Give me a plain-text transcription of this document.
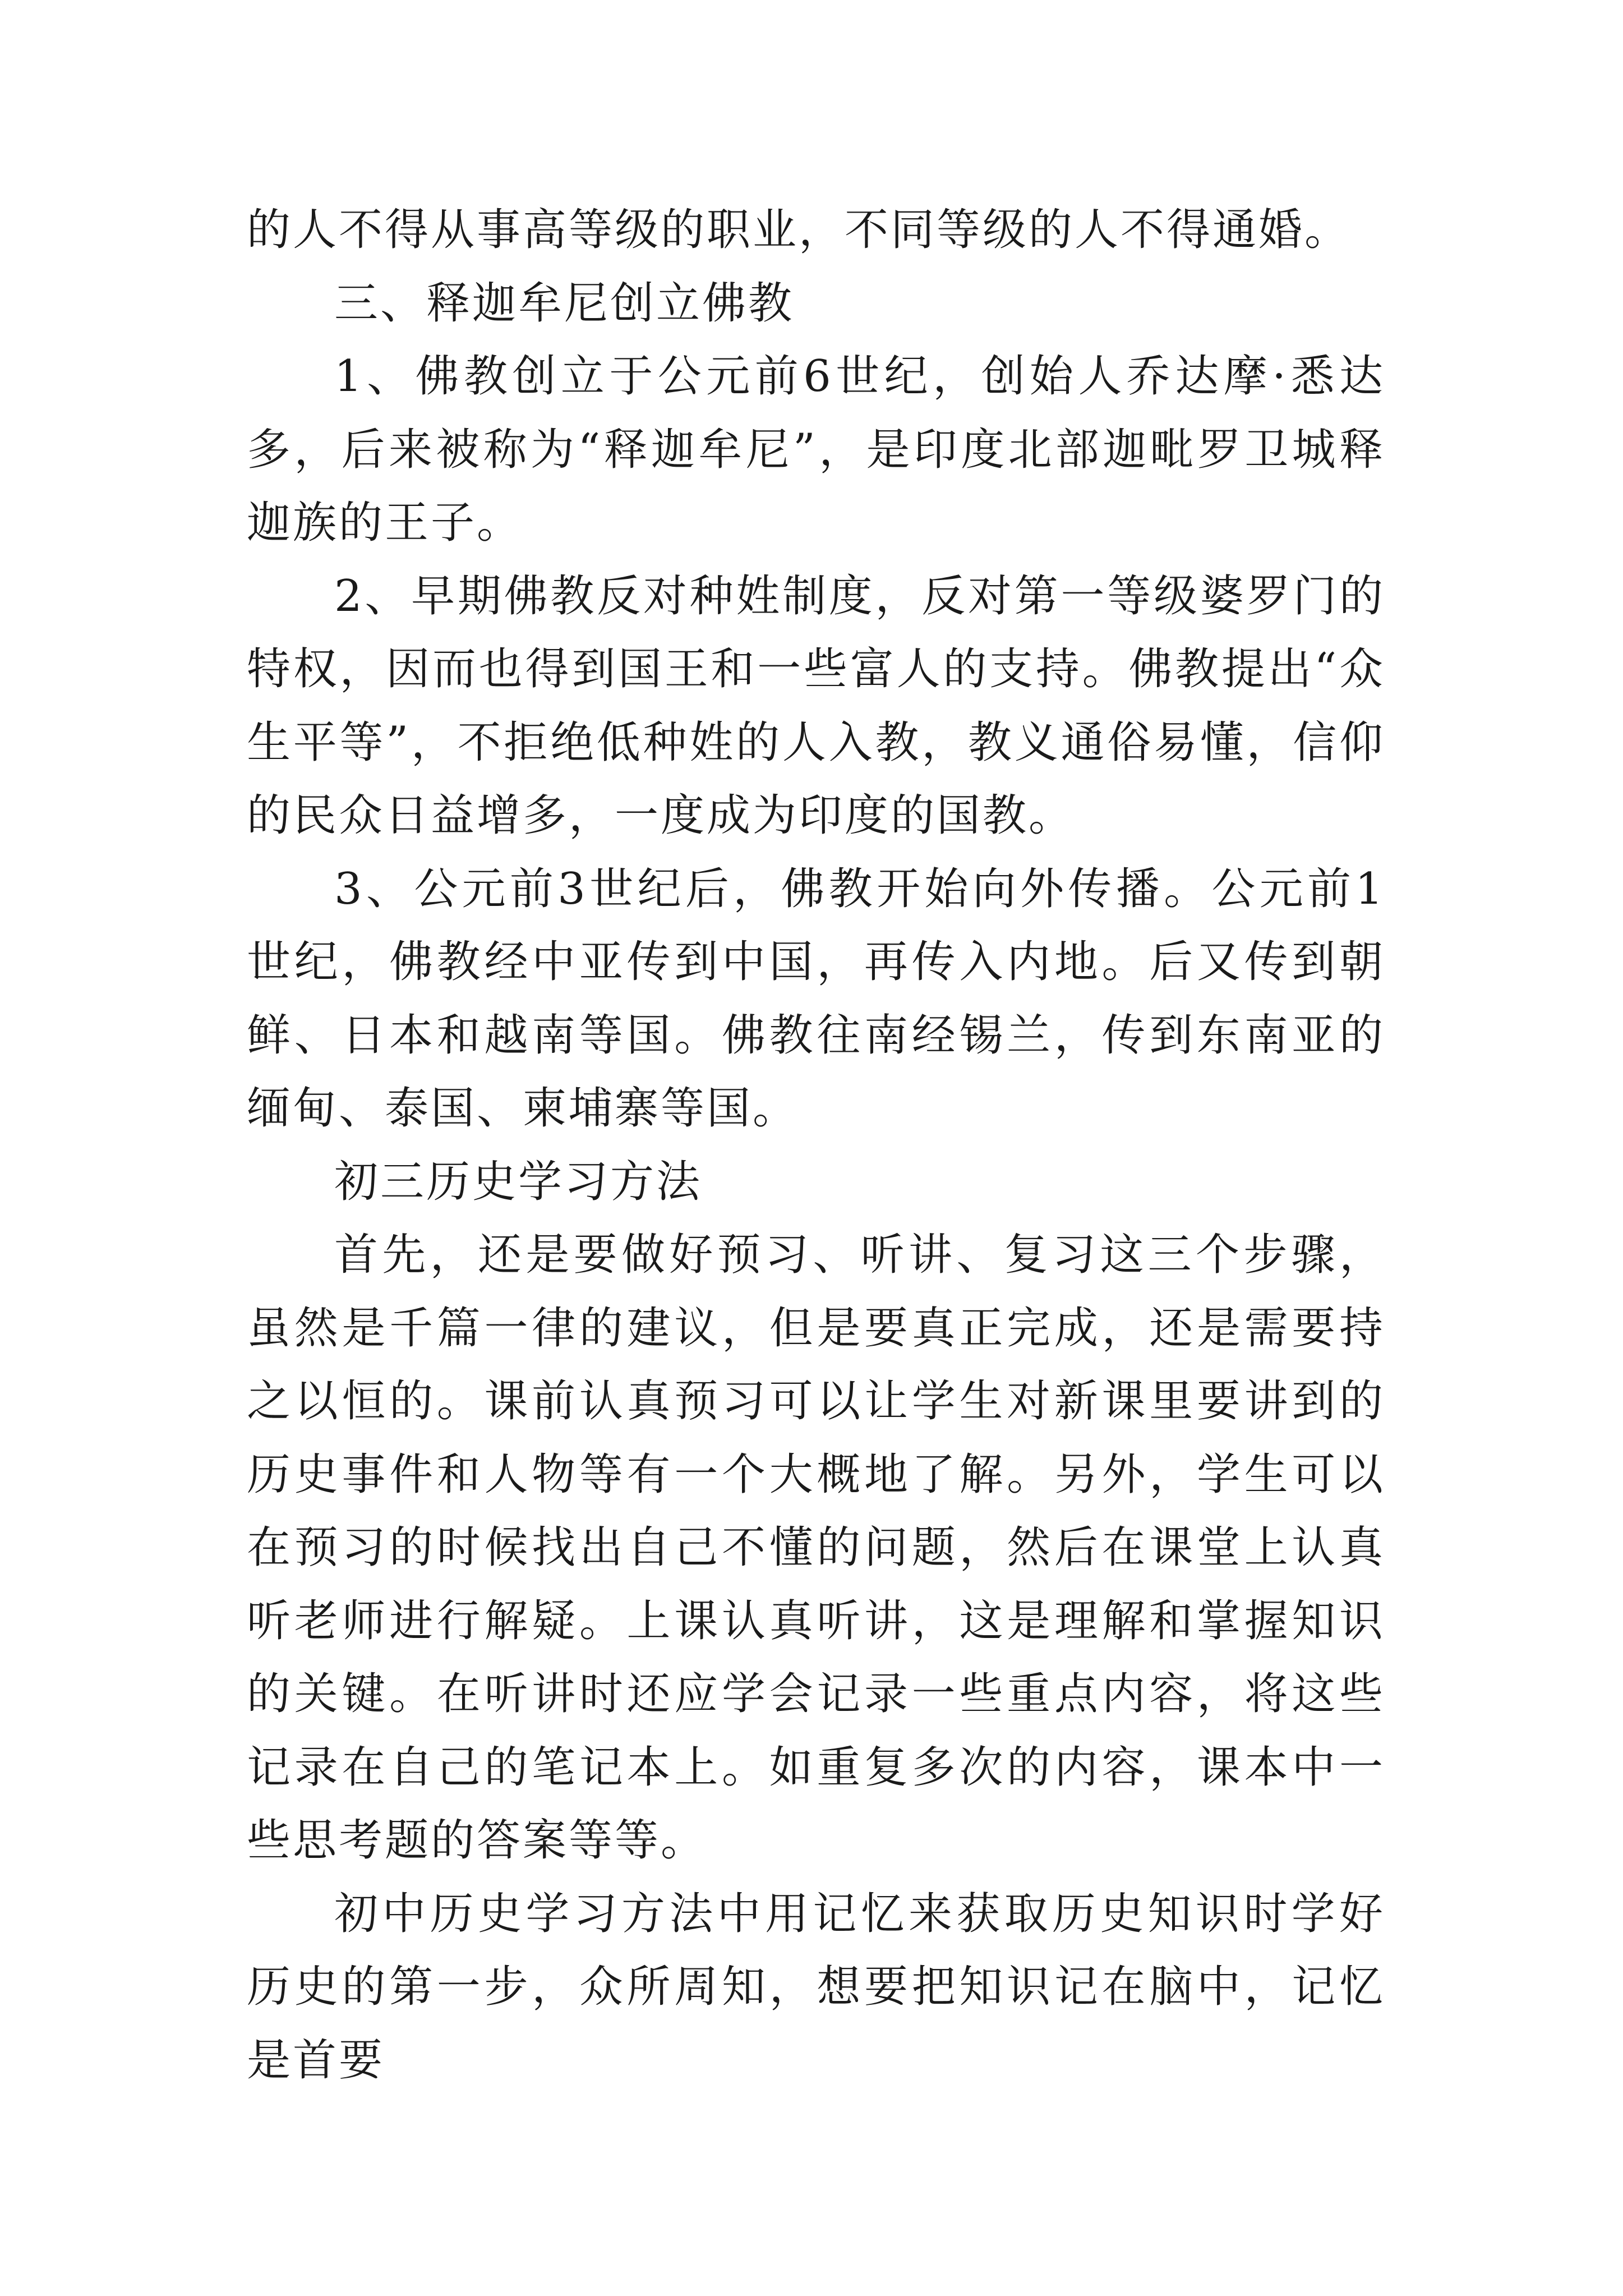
的人不得从事高等级的职业，不同等级的人不得通婚。

三、释迦牟尼创立佛教

1、佛教创立于公元前6世纪，创始人乔达摩·悉达多，后来被称为“释迦牟尼”，是印度北部迦毗罗卫城释迦族的王子。

2、早期佛教反对种姓制度，反对第一等级婆罗门的特权，因而也得到国王和一些富人的支持。佛教提出“众生平等”，不拒绝低种姓的人入教，教义通俗易懂，信仰的民众日益增多，一度成为印度的国教。

3、公元前3世纪后，佛教开始向外传播。公元前1世纪，佛教经中亚传到中国，再传入内地。后又传到朝鲜、日本和越南等国。佛教往南经锡兰，传到东南亚的缅甸、泰国、柬埔寨等国。

初三历史学习方法

首先，还是要做好预习、听讲、复习这三个步骤，虽然是千篇一律的建议，但是要真正完成，还是需要持之以恒的。课前认真预习可以让学生对新课里要讲到的历史事件和人物等有一个大概地了解。另外，学生可以在预习的时候找出自己不懂的问题，然后在课堂上认真听老师进行解疑。上课认真听讲，这是理解和掌握知识的关键。在听讲时还应学会记录一些重点内容，将这些记录在自己的笔记本上。如重复多次的内容，课本中一些思考题的答案等等。

初中历史学习方法中用记忆来获取历史知识时学好历史的第一步，众所周知，想要把知识记在脑中，记忆是首要
